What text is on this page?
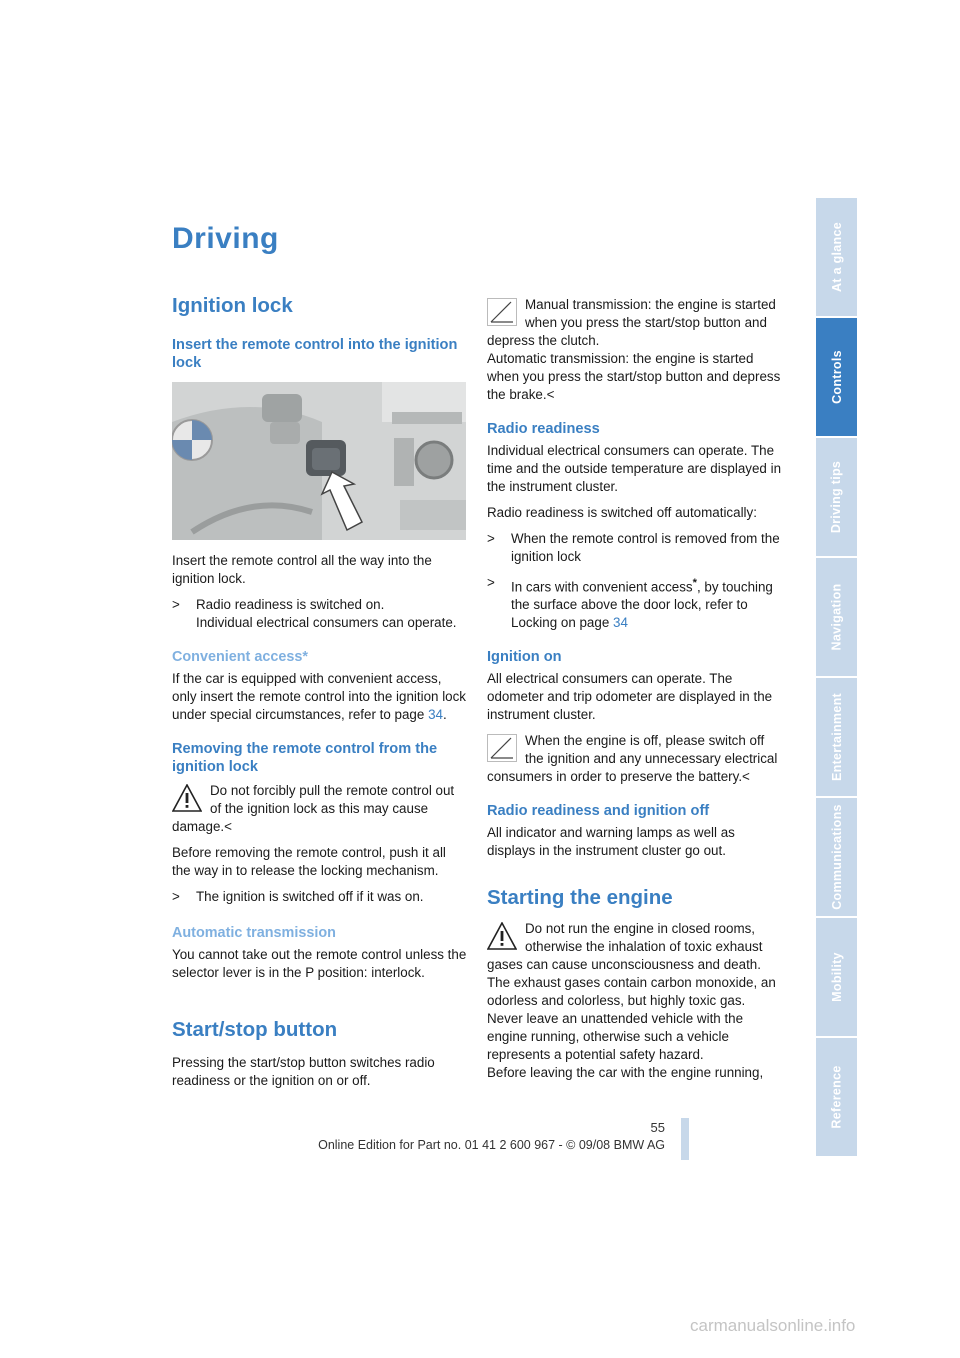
Driving
Ignition lock
Insert the remote control into the ignition lock

Insert the remote control all the way into the ignition lock.

> Radio readiness is switched on.
Individual electrical consumers can operate.
Convenient access*

If the car is equipped with convenient access, only insert the remote control into the ignition lock under special circumstances, refer to page 34.

Removing the remote control from the ignition lock
Do not forcibly pull the remote control out of the ignition lock as this may cause damage.<

Before removing the remote control, push it all the way in to release the locking mechanism.

> The ignition is switched off if it was on.
Automatic transmission

You cannot take out the remote control unless the selector lever is in the P position: interlock.

Start/stop button

Pressing the start/stop button switches radio readiness or the ignition on or off.

Manual transmission: the engine is started when you press the start/stop button and depress the clutch.
Automatic transmission: the engine is started when you press the start/stop button and depress the brake.<
Radio readiness

Individual electrical consumers can operate. The time and the outside temperature are displayed in the instrument cluster.

Radio readiness is switched off automatically:

> When the remote control is removed from the ignition lock
> In cars with convenient access*, by touching the surface above the door lock, refer to Locking on page 34
Ignition on

All electrical consumers can operate. The odometer and trip odometer are displayed in the instrument cluster.

When the engine is off, please switch off the ignition and any unnecessary electrical consumers in order to preserve the battery.<
Radio readiness and ignition off

All indicator and warning lamps as well as displays in the instrument cluster go out.

Starting the engine
Do not run the engine in closed rooms, otherwise the inhalation of toxic exhaust gases can cause unconsciousness and death. The exhaust gases contain carbon monoxide, an odorless and colorless, but highly toxic gas. Never leave an unattended vehicle with the engine running, otherwise such a vehicle represents a potential safety hazard.

Before leaving the car with the engine running,

At a glance
Controls
Driving tips
Navigation
Entertainment
Communications
Mobility
Reference
55
Online Edition for Part no. 01 41 2 600 967 - © 09/08 BMW AG
carmanualsonline.info
